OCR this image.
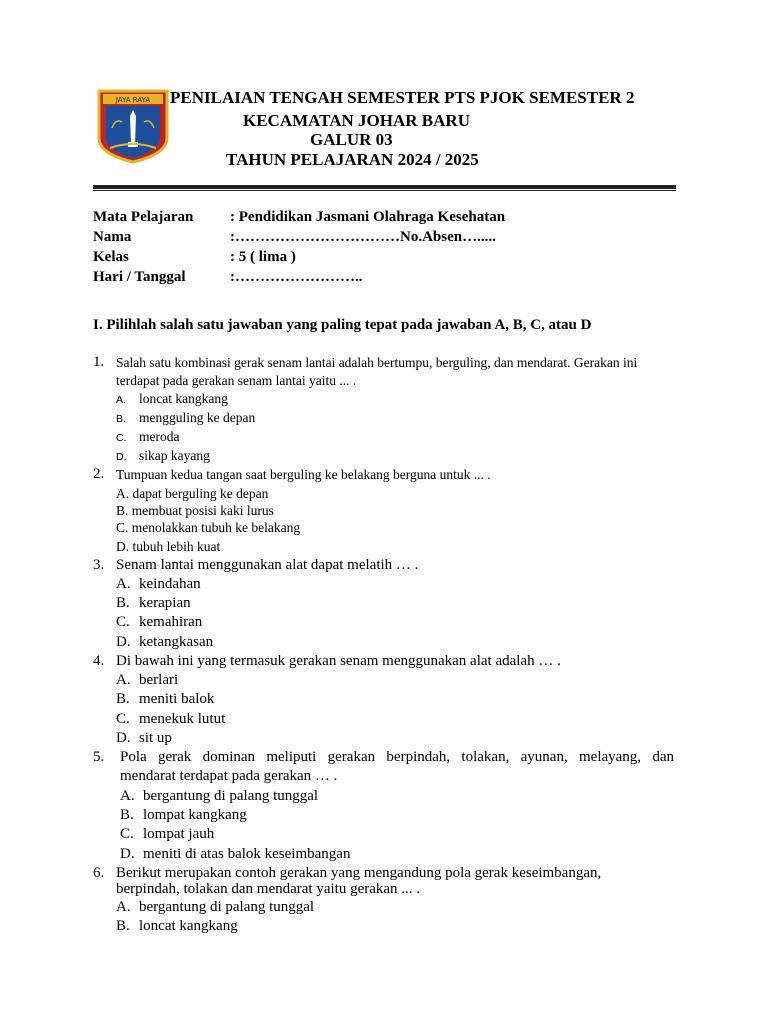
JAYA RAYA PENILAIAN TENGAH SEMESTER PTS PJOK SEMESTER 2
KECAMATAN JOHAR BARU
GALUR 03
TAHUN PELAJARAN 2024 / 2025
Mata Pelajaran : Pendidikan Jasmani Olahraga Kesehatan
Nama	:……………………………No.Absen….....
Kelas	: 5 ( lima )
Hari / Tanggal	:……………………..
I. Pilihlah salah satu jawaban yang paling tepat pada jawaban A, B, C, atau D
1. Salah satu kombinasi gerak senam lantai adalah bertumpu, berguling, dan mendarat. Gerakan ini
terdapat pada gerakan senam lantai yaitu ... .
A. loncat kangkang
B. mengguling ke depan
C. meroda
D. sikap kayang
2. Tumpuan kedua tangan saat berguling ke belakang berguna untuk ... .
A. dapat berguling ke depan
B. membuat posisi kaki lurus
C. menolakkan tubuh ke belakang
D. tubuh lebih kuat
3. Senam lantai menggunakan alat dapat melatih … .
A. keindahan
B. kerapian
C. kemahiran
D. ketangkasan
4. Di bawah ini yang termasuk gerakan senam menggunakan alat adalah … .
A. berlari
B. meniti balok
C. menekuk lutut
D. sit up
5. Pola gerak dominan meliputi gerakan berpindah, tolakan, ayunan, melayang, dan
mendarat terdapat pada gerakan … .
A. bergantung di palang tunggal
B. lompat kangkang
C. lompat jauh
D. meniti di atas balok keseimbangan
6. Berikut merupakan contoh gerakan yang mengandung pola gerak keseimbangan,
berpindah, tolakan dan mendarat yaitu gerakan ... .
A. bergantung di palang tunggal
B. loncat kangkang
